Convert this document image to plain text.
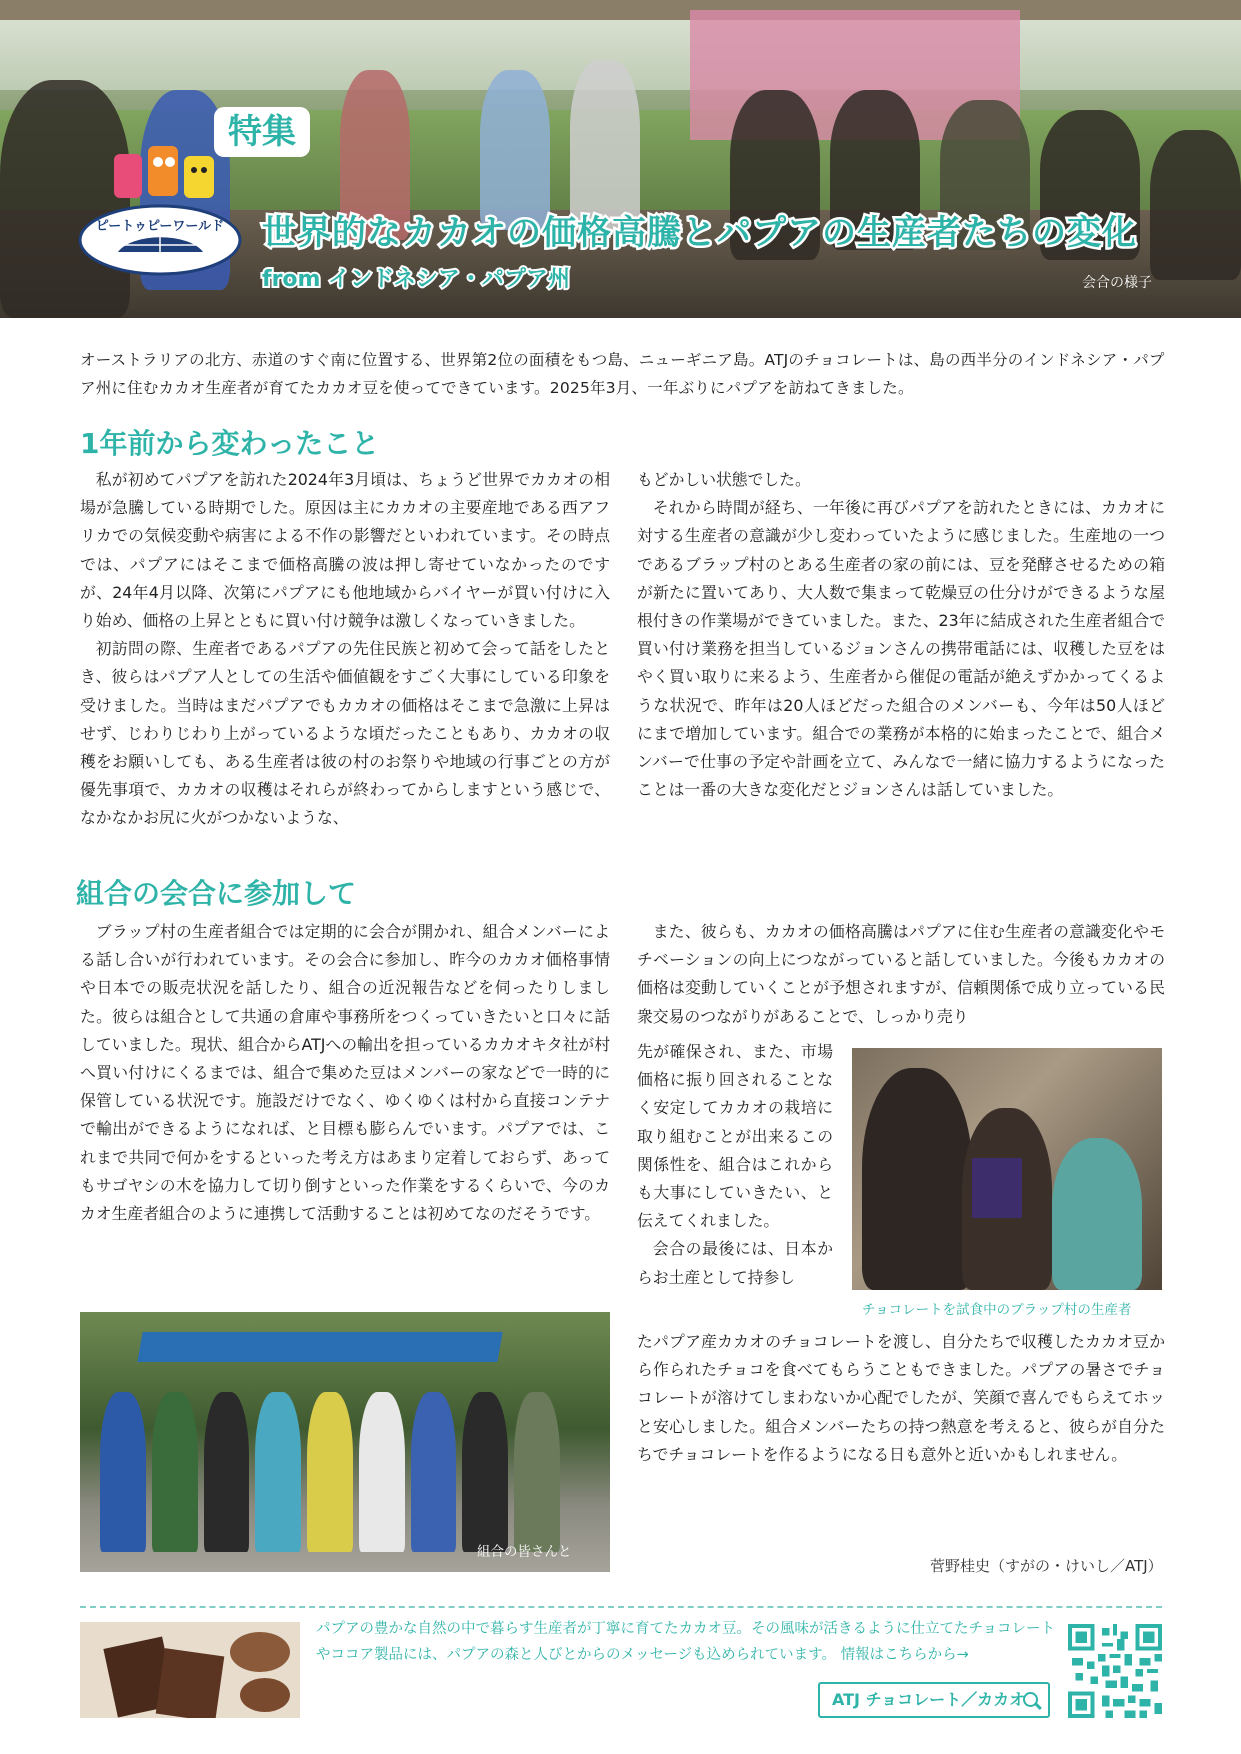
特集
ピートゥピーワールド 世界的なカカオの価格高騰とパプアの生産者たちの変化
from インドネシア・パプア州	会合の様子
オーストラリアの北方、赤道のすぐ南に位置する、世界第2位の面積をもつ島、ニューギニア島。ATJのチョコレートは、島の西半分のインドネシア・パプア州に住むカカオ生産者が育てたカカオ豆を使ってできています。2025年3月、一年ぶりにパプアを訪ねてきました。
1年前から変わったこと

私が初めてパプアを訪れた2024年3月頃は、ちょうど世界でカカオの相場が急騰している時期でした。原因は主にカカオの主要産地である西アフリカでの気候変動や病害による不作の影響だといわれています。その時点では、パプアにはそこまで価格高騰の波は押し寄せていなかったのですが、24年4月以降、次第にパプアにも他地域からバイヤーが買い付けに入り始め、価格の上昇とともに買い付け競争は激しくなっていきました。

初訪問の際、生産者であるパプアの先住民族と初めて会って話をしたとき、彼らはパプア人としての生活や価値観をすごく大事にしている印象を受けました。当時はまだパプアでもカカオの価格はそこまで急激に上昇はせず、じわりじわり上がっているような頃だったこともあり、カカオの収穫をお願いしても、ある生産者は彼の村のお祭りや地域の行事ごとの方が優先事項で、カカオの収穫はそれらが終わってからしますという感じで、なかなかお尻に火がつかないような、

もどかしい状態でした。

それから時間が経ち、一年後に再びパプアを訪れたときには、カカオに対する生産者の意識が少し変わっていたように感じました。生産地の一つであるブラップ村のとある生産者の家の前には、豆を発酵させるための箱が新たに置いてあり、大人数で集まって乾燥豆の仕分けができるような屋根付きの作業場ができていました。また、23年に結成された生産者組合で買い付け業務を担当しているジョンさんの携帯電話には、収穫した豆をはやく買い取りに来るよう、生産者から催促の電話が絶えずかかってくるような状況で、昨年は20人ほどだった組合のメンバーも、今年は50人ほどにまで増加しています。組合での業務が本格的に始まったことで、組合メンバーで仕事の予定や計画を立て、みんなで一緒に協力するようになったことは一番の大きな変化だとジョンさんは話していました。

組合の会合に参加して

ブラップ村の生産者組合では定期的に会合が開かれ、組合メンバーによる話し合いが行われています。その会合に参加し、昨今のカカオ価格事情や日本での販売状況を話したり、組合の近況報告などを伺ったりしました。彼らは組合として共通の倉庫や事務所をつくっていきたいと口々に話していました。現状、組合からATJへの輸出を担っているカカオキタ社が村へ買い付けにくるまでは、組合で集めた豆はメンバーの家などで一時的に保管している状況です。施設だけでなく、ゆくゆくは村から直接コンテナで輸出ができるようになれば、と目標も膨らんでいます。パプアでは、これまで共同で何かをするといった考え方はあまり定着しておらず、あってもサゴヤシの木を協力して切り倒すといった作業をするくらいで、今のカカオ生産者組合のように連携して活動することは初めてなのだそうです。

また、彼らも、カカオの価格高騰はパプアに住む生産者の意識変化やモチベーションの向上につながっていると話していました。今後もカカオの価格は変動していくことが予想されますが、信頼関係で成り立っている民衆交易のつながりがあることで、しっかり売り

先が確保され、また、市場価格に振り回されることなく安定してカカオの栽培に取り組むことが出来るこの関係性を、組合はこれからも大事にしていきたい、と伝えてくれました。

会合の最後には、日本からお土産として持参し

たパプア産カカオのチョコレートを渡し、自分たちで収穫したカカオ豆から作られたチョコを食べてもらうこともできました。パプアの暑さでチョコレートが溶けてしまわないか心配でしたが、笑顔で喜んでもらえてホッと安心しました。組合メンバーたちの持つ熱意を考えると、彼らが自分たちでチョコレートを作るようになる日も意外と近いかもしれません。

チョコレートを試食中のブラップ村の生産者
組合の皆さんと
菅野桂史（すがの・けいし／ATJ）
パプアの豊かな自然の中で暮らす生産者が丁寧に育てたカカオ豆。その風味が活きるように仕立てたチョコレートやココア製品には、パプアの森と人びとからのメッセージも込められています。 情報はこちらから→
ATJ チョコレート／カカオ
